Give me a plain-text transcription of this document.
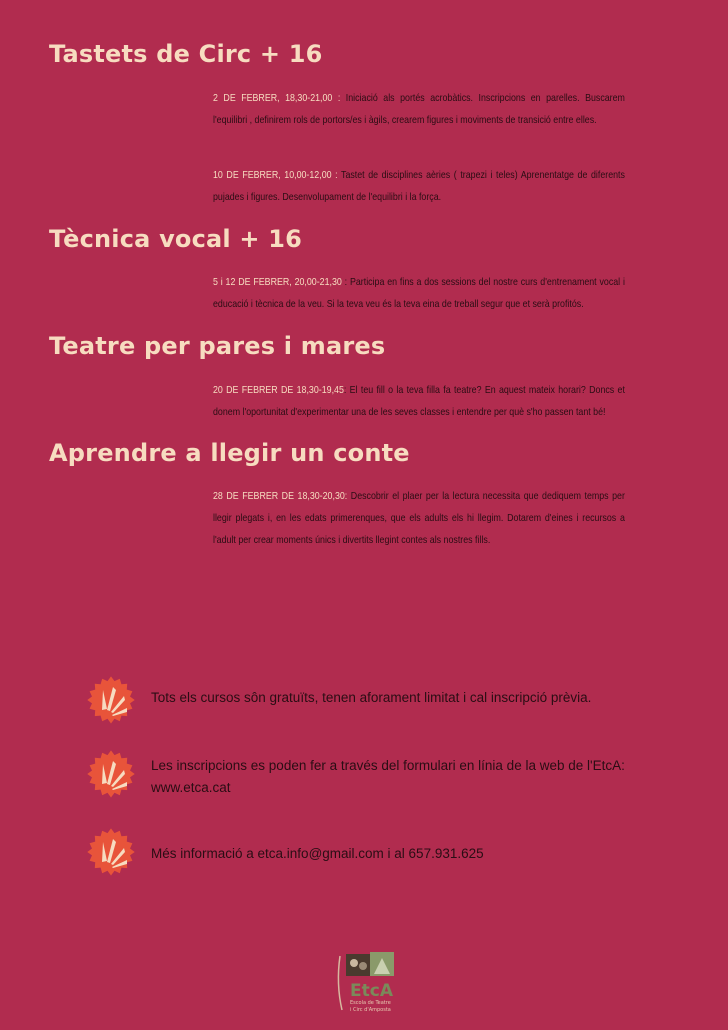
Tastets de Circ + 16

2 DE FEBRER, 18,30-21,00 : Iniciació als portés acrobàtics. Inscripcions en parelles. Buscarem l'equilibri , definirem rols de portors/es i àgils, crearem figures i moviments de transició entre elles.

10 DE FEBRER, 10,00-12,00 : Tastet de disciplines aèries ( trapezi i teles) Aprenentatge de diferents pujades i figures. Desenvolupament de l'equilibri i la força.

Tècnica vocal + 16

5 i 12 DE FEBRER, 20,00-21,30 : Participa en fins a dos sessions del nostre curs d'entrenament vocal i educació i tècnica de la veu. Si la teva veu és la teva eina de treball segur que et serà profitós.

Teatre per pares i mares

20 DE FEBRER DE 18,30-19,45: El teu fill o la teva filla fa teatre? En aquest mateix horari? Doncs et donem l'oportunitat d'experimentar una de les seves classes i entendre per què s'ho passen tant bé!

Aprendre a llegir un conte

28 DE FEBRER DE 18,30-20,30: Descobrir el plaer per la lectura necessita que dediquem temps per llegir plegats i, en les edats primerenques, que els adults els hi llegim. Dotarem d'eines i recursos a l'adult per crear moments únics i divertits llegint contes als nostres fills.

Tots els cursos sôn gratuïts, tenen aforament limitat i cal inscripció prèvia.

Les inscripcions es poden fer a través del formulari en línia de la web de l'EtcA: www.etca.cat

Més informació a etca.info@gmail.com i al 657.931.625

EtcA
Escola de Teatre
i Circ d'Amposta
